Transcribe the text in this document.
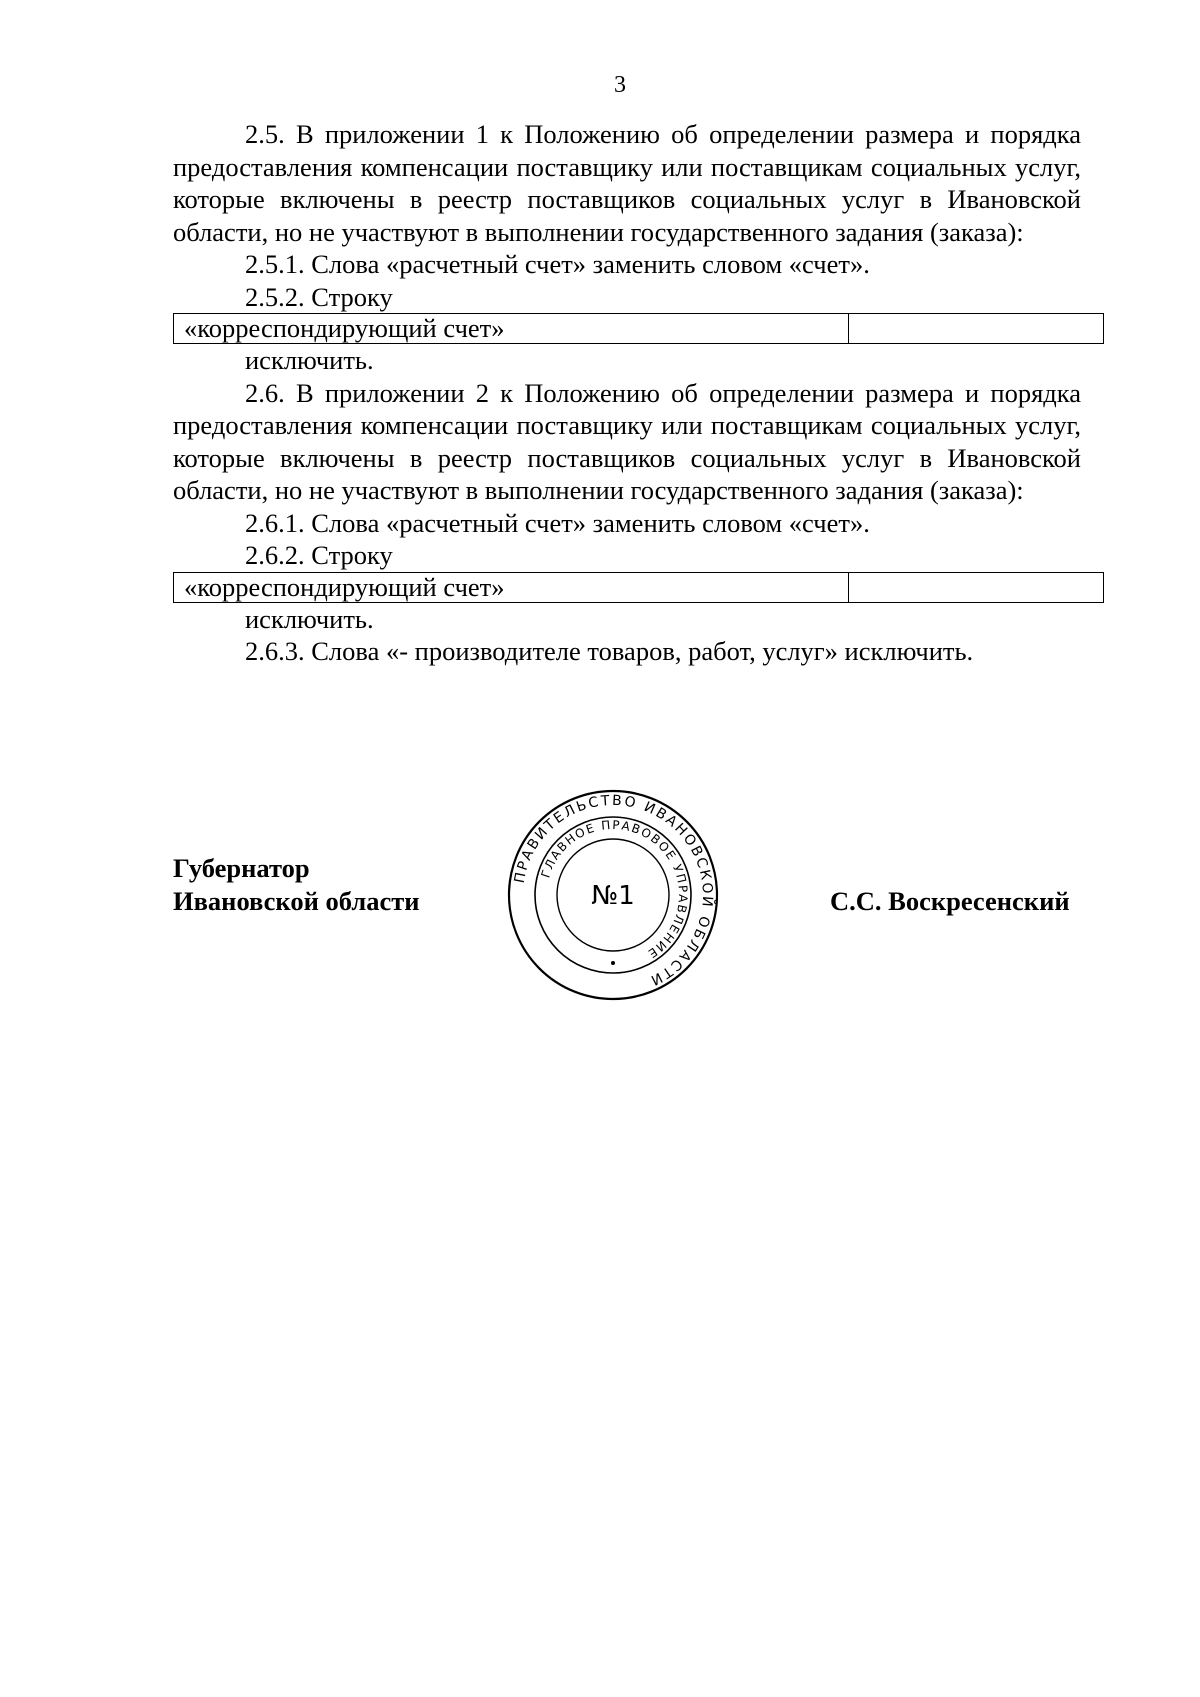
3

2.5. В приложении 1 к Положению об определении размера и порядка предоставления компенсации поставщику или поставщикам социальных услуг, которые включены в реестр поставщиков социальных услуг в Ивановской области, но не участвуют в выполнении государственного задания (заказа):

2.5.1. Слова «расчетный счет» заменить словом «счет».

2.5.2. Строку

«корреспондирующий счет»	

исключить.

2.6. В приложении 2 к Положению об определении размера и порядка предоставления компенсации поставщику или поставщикам социальных услуг, которые включены в реестр поставщиков социальных услуг в Ивановской области, но не участвуют в выполнении государственного задания (заказа):

2.6.1. Слова «расчетный счет» заменить словом «счет».

2.6.2. Строку

«корреспондирующий счет»	

исключить.

2.6.3. Слова «- производителе товаров, работ, услуг» исключить.

Губернатор
Ивановской области	С.С. Воскресенский
ПРАВИТЕЛЬСТВО ИВАНОВСКОЙ ОБЛАСТИ
ГЛАВНОЕ ПРАВОВОЕ УПРАВЛЕНИЕ
№1
